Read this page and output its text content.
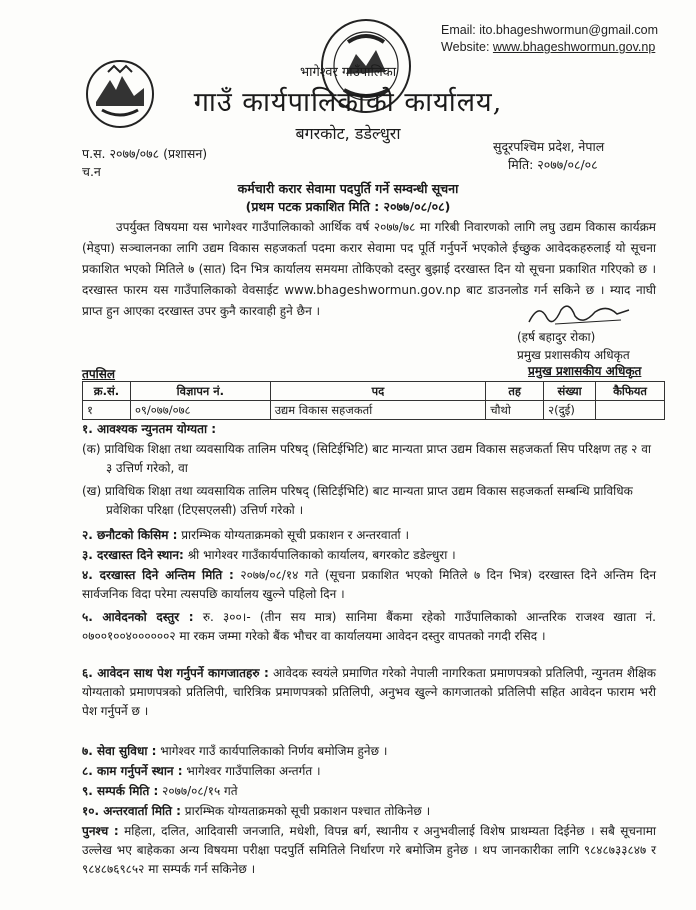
Email: ito.bhageshwormun@gmail.com
Website: www.bhageshwormun.gov.np
भागेश्वर गाउँपालिका
गाउँ कार्यपालिकाको कार्यालय,
बगरकोट, डडेल्धुरा
प.स. २०७७/०७८ (प्रशासन)
च.न
सुदूरपश्चिम प्रदेश, नेपाल
मिति: २०७७/०८/०८
कर्मचारी करार सेवामा पदपुर्ति गर्ने सम्वन्धी सूचना
(प्रथम पटक प्रकाशित मिति : २०७७/०८/०८)
उपर्युक्त विषयमा यस भागेश्वर गाउँपालिकाको आर्थिक वर्ष २०७७/७८ मा गरिबी निवारणको लागि लघु उद्यम विकास कार्यक्रम (मेड्पा) सञ्चालनका लागि उद्यम विकास सहजकर्ता पदमा करार सेवामा पद पूर्ति गर्नुपर्ने भएकोले ईच्छुक आवेदकहरुलाई यो सूचना प्रकाशित भएको मितिले ७ (सात) दिन भित्र कार्यालय समयमा तोकिएको दस्तुर बुझाई दरखास्त दिन यो सूचना प्रकाशित गरिएको छ । दरखास्त फारम यस गाउँपालिकाको वेवसाईट www.bhageshwormun.gov.np बाट डाउनलोड गर्न सकिने छ । म्याद नाघी प्राप्त हुन आएका दरखास्त उपर कुनै कारवाही हुने छैन ।
(हर्ष बहादुर रोका)
प्रमुख प्रशासकीय अधिकृत
प्रमुख प्रशासकीय अधिकृत
तपसिल
क्र.सं.	विज्ञापन नं.	पद	तह	संख्या	कैफियत
१	०९/०७७/०७८	उद्यम विकास सहजकर्ता	चौथो	२(दुई)	
१. आवश्यक न्युनतम योग्यता :
(क) प्राविधिक शिक्षा तथा व्यवसायिक तालिम परिषद् (सिटिईभिटि) बाट मान्यता प्राप्त उद्यम विकास सहजकर्ता सिप परिक्षण तह २ वा ३ उत्तिर्ण गरेको, वा
(ख) प्राविधिक शिक्षा तथा व्यवसायिक तालिम परिषद् (सिटिईभिटि) बाट मान्यता प्राप्त उद्यम विकास सहजकर्ता सम्बन्धि प्राविधिक प्रवेशिका परिक्षा (टिएसएलसी) उत्तिर्ण गरेको ।
२. छनौटको किसिम : प्रारम्भिक योग्यताक्रमको सूची प्रकाशन र अन्तरवार्ता ।
३. दरखास्त दिने स्थान: श्री भागेश्वर गाउँकार्यपालिकाको कार्यालय, बगरकोट डडेल्धुरा ।
४. दरखास्त दिने अन्तिम मिति : २०७७/०८/१४ गते (सूचना प्रकाशित भएको मितिले ७ दिन भित्र) दरखास्त दिने अन्तिम दिन सार्वजनिक विदा परेमा त्यसपछि कार्यालय खुल्ने पहिलो दिन ।
५. आवेदनको दस्तुर : रु. ३००।- (तीन सय मात्र) सानिमा बैंकमा रहेको गाउँपालिकाको आन्तरिक राजश्व खाता नं. ०७००१००४००००००२ मा रकम जम्मा गरेको बैंक भौचर वा कार्यालयमा आवेदन दस्तुर वापतको नगदी रसिद ।
६. आवेदन साथ पेश गर्नुपर्ने कागजातहरु : आवेदक स्वयंले प्रमाणित गरेको नेपाली नागरिकता प्रमाणपत्रको प्रतिलिपी, न्युनतम शैक्षिक योग्यताको प्रमाणपत्रको प्रतिलिपी, चारित्रिक प्रमाणपत्रको प्रतिलिपी, अनुभव खुल्ने कागजातको प्रतिलिपी सहित आवेदन फाराम भरी पेश गर्नुपर्ने छ ।
७. सेवा सुविधा : भागेश्वर गाउँ कार्यपालिकाको निर्णय बमोजिम हुनेछ ।
८. काम गर्नुपर्ने स्थान : भागेश्वर गाउँपालिका अन्तर्गत ।
९. सम्पर्क मिति : २०७७/०८/१५ गते
१०. अन्तरवार्ता मिति : प्रारम्भिक योग्यताक्रमको सूची प्रकाशन पश्चात तोकिनेछ ।
पुनश्च : महिला, दलित, आदिवासी जनजाति, मधेशी, विपन्न बर्ग, स्थानीय र अनुभवीलाई विशेष प्राथम्यता दिईनेछ । सबै सूचनामा उल्लेख भए बाहेकका अन्य विषयमा परीक्षा पदपुर्ति समितिले निर्धारण गरे बमोजिम हुनेछ । थप जानकारीका लागि ९८४८७३३८४७ र ९८४८७६९८५२ मा सम्पर्क गर्न सकिनेछ ।
